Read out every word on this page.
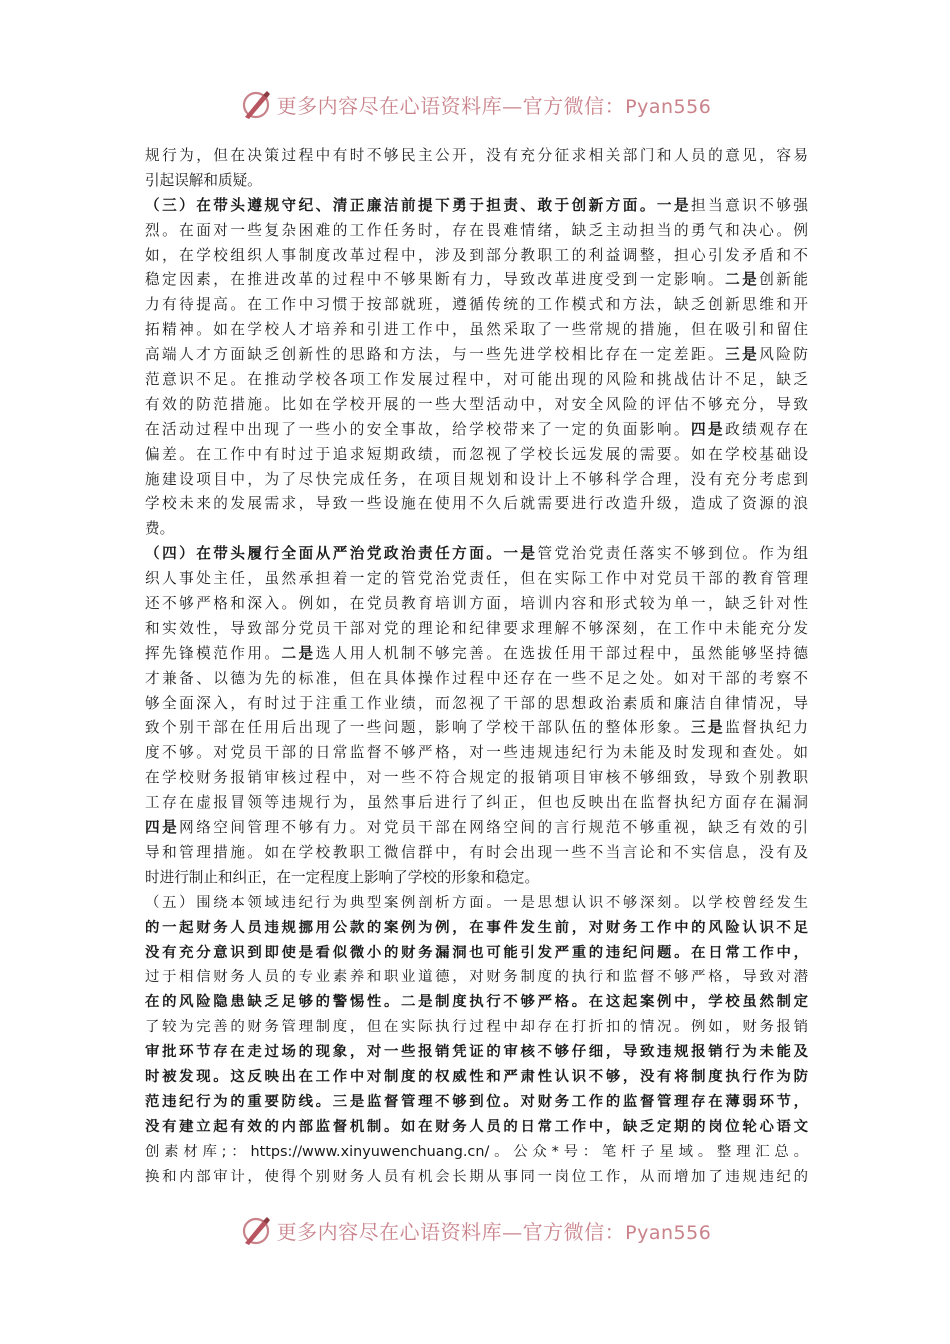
更多内容尽在心语资料库—官方微信：Pyan556
规行为，但在决策过程中有时不够民主公开，没有充分征求相关部门和人员的意见，容易
引起误解和质疑。
（三）在带头遵规守纪、清正廉洁前提下勇于担责、敢于创新方面。一是担当意识不够强
烈。在面对一些复杂困难的工作任务时，存在畏难情绪，缺乏主动担当的勇气和决心。例
如，在学校组织人事制度改革过程中，涉及到部分教职工的利益调整，担心引发矛盾和不
稳定因素，在推进改革的过程中不够果断有力，导致改革进度受到一定影响。二是创新能
力有待提高。在工作中习惯于按部就班，遵循传统的工作模式和方法，缺乏创新思维和开
拓精神。如在学校人才培养和引进工作中，虽然采取了一些常规的措施，但在吸引和留住
高端人才方面缺乏创新性的思路和方法，与一些先进学校相比存在一定差距。三是风险防
范意识不足。在推动学校各项工作发展过程中，对可能出现的风险和挑战估计不足，缺乏
有效的防范措施。比如在学校开展的一些大型活动中，对安全风险的评估不够充分，导致
在活动过程中出现了一些小的安全事故，给学校带来了一定的负面影响。四是政绩观存在
偏差。在工作中有时过于追求短期政绩，而忽视了学校长远发展的需要。如在学校基础设
施建设项目中，为了尽快完成任务，在项目规划和设计上不够科学合理，没有充分考虑到
学校未来的发展需求，导致一些设施在使用不久后就需要进行改造升级，造成了资源的浪
费。
（四）在带头履行全面从严治党政治责任方面。一是管党治党责任落实不够到位。作为组
织人事处主任，虽然承担着一定的管党治党责任，但在实际工作中对党员干部的教育管理
还不够严格和深入。例如，在党员教育培训方面，培训内容和形式较为单一，缺乏针对性
和实效性，导致部分党员干部对党的理论和纪律要求理解不够深刻，在工作中未能充分发
挥先锋模范作用。二是选人用人机制不够完善。在选拔任用干部过程中，虽然能够坚持德
才兼备、以德为先的标准，但在具体操作过程中还存在一些不足之处。如对干部的考察不
够全面深入，有时过于注重工作业绩，而忽视了干部的思想政治素质和廉洁自律情况，导
致个别干部在任用后出现了一些问题，影响了学校干部队伍的整体形象。三是监督执纪力
度不够。对党员干部的日常监督不够严格，对一些违规违纪行为未能及时发现和查处。如
在学校财务报销审核过程中，对一些不符合规定的报销项目审核不够细致，导致个别教职
工存在虚报冒领等违规行为，虽然事后进行了纠正，但也反映出在监督执纪方面存在漏洞
四是网络空间管理不够有力。对党员干部在网络空间的言行规范不够重视，缺乏有效的引
导和管理措施。如在学校教职工微信群中，有时会出现一些不当言论和不实信息，没有及
时进行制止和纠正，在一定程度上影响了学校的形象和稳定。
（五）围绕本领域违纪行为典型案例剖析方面。一是思想认识不够深刻。以学校曾经发生
的一起财务人员违规挪用公款的案例为例，在事件发生前，对财务工作中的风险认识不足
没有充分意识到即使是看似微小的财务漏洞也可能引发严重的违纪问题。在日常工作中，
过于相信财务人员的专业素养和职业道德，对财务制度的执行和监督不够严格，导致对潜
在的风险隐患缺乏足够的警惕性。二是制度执行不够严格。在这起案例中，学校虽然制定
了较为完善的财务管理制度，但在实际执行过程中却存在打折扣的情况。例如，财务报销
审批环节存在走过场的现象，对一些报销凭证的审核不够仔细，导致违规报销行为未能及
时被发现。这反映出在工作中对制度的权威性和严肃性认识不够，没有将制度执行作为防
范违纪行为的重要防线。三是监督管理不够到位。对财务工作的监督管理存在薄弱环节，
没有建立起有效的内部监督机制。如在财务人员的日常工作中，缺乏定期的岗位轮心语文
创素材库;：https://www.xinyuwenchuang.cn/。公众*号：笔杆子星域。整理汇总。
换和内部审计，使得个别财务人员有机会长期从事同一岗位工作，从而增加了违规违纪的
更多内容尽在心语资料库—官方微信：Pyan556
